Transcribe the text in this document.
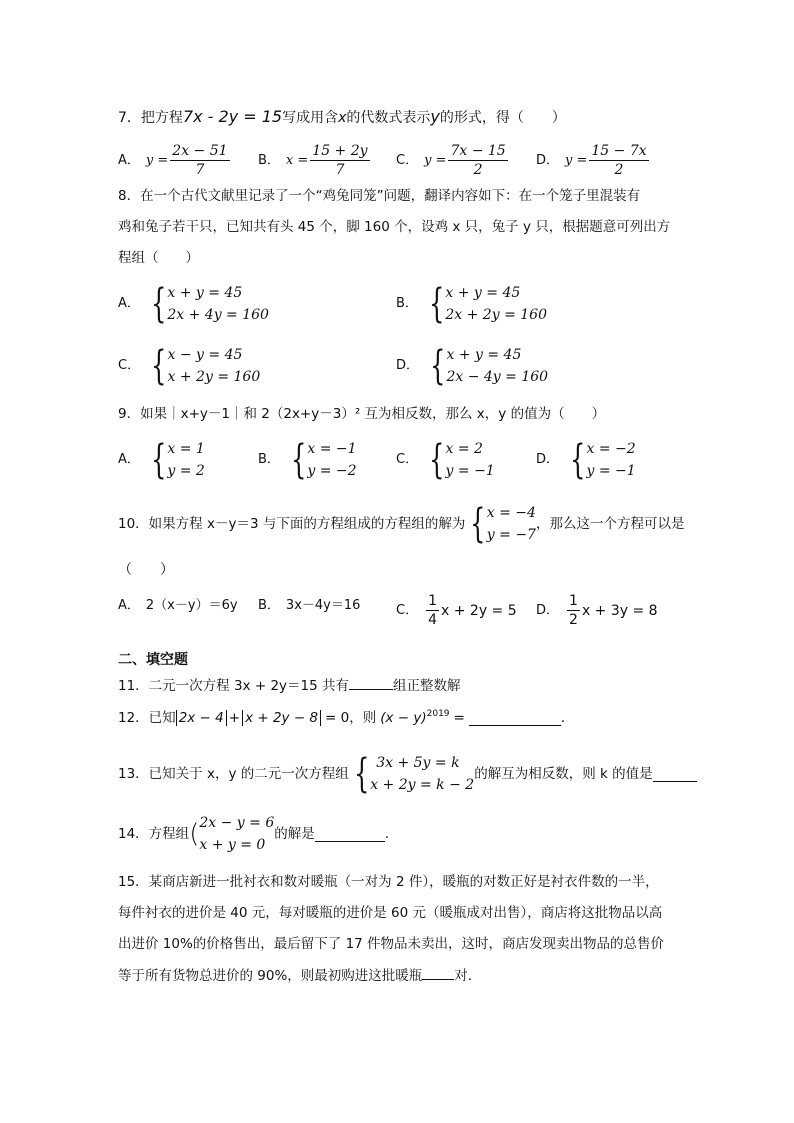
7．把方程7x - 2y = 15写成用含x的代数式表示y的形式，得（　　）
A． $y = \frac{2x - 51}{7}$ B． $x = \frac{15 + 2y}{7}$ C． $y = \frac{7x - 15}{2}$ D． $y = \frac{15 - 7x}{2}$
8．在一个古代文献里记录了一个“鸡兔同笼”问题，翻译内容如下：在一个笼子里混装有
鸡和兔子若干只，已知共有头 45 个，脚 160 个，设鸡 x 只，兔子 y 只，根据题意可列出方
程组（　　）
A． { x + y = 45
2x + 4y = 160
B． { x + y = 45
2x + 2y = 160
C． { x − y = 45
x + 2y = 160
D． { x + y = 45
2x − 4y = 160
9．如果｜x+y－1｜和 2（2x+y－3）² 互为相反数，那么 x，y 的值为（　　）
A． { x = 1
y = 2
B． { x = −1
y = −2
C． { x = 2
y = −1
D． { x = −2
y = −1
10．如果方程 x－y＝3 与下面的方程组成的方程组的解为 { x = −4
y = −7
，那么这一个方程可以是
（　　）
A． 2（x－y）＝6y B． 3x－4y＝16	C． $\frac{1}{4}$ x + 2y = 5 D． $\frac{1}{2}$ x + 3y = 8
二、填空题
11．二元一次方程 3x + 2y＝15 共有	组正整数解
12．已知 2x − 4 + x + 2y − 8 = 0，则 $(x - y)^{2019}$ =	．
13．已知关于 x，y 的二元一次方程组 { 3x + 5y = k
x + 2y = k − 2
的解互为相反数，则 k 的值是
14．方程组 ( 2x − y = 6
x + y = 0
的解是	.
15．某商店新进一批衬衣和数对暖瓶（一对为 2 件），暖瓶的对数正好是衬衣件数的一半，
每件衬衣的进价是 40 元，每对暖瓶的进价是 60 元（暖瓶成对出售），商店将这批物品以高
出进价 10%的价格售出，最后留下了 17 件物品未卖出，这时，商店发现卖出物品的总售价
等于所有货物总进价的 90%，则最初购进这批暖瓶 对．
